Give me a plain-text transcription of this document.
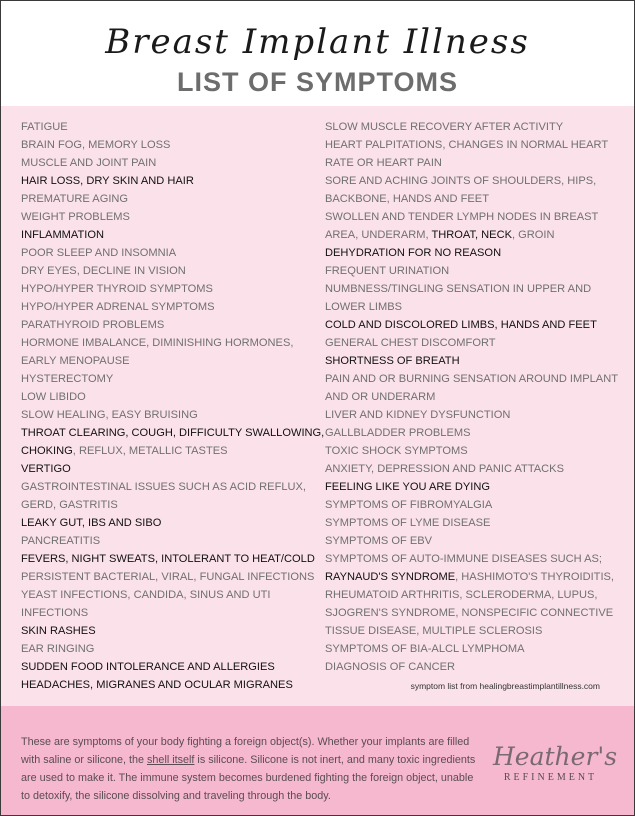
Breast Implant Illness
LIST OF SYMPTOMS
FATIGUE
BRAIN FOG, MEMORY LOSS
MUSCLE AND JOINT PAIN
HAIR LOSS, DRY SKIN AND HAIR
PREMATURE AGING
WEIGHT PROBLEMS
INFLAMMATION
POOR SLEEP AND INSOMNIA
DRY EYES, DECLINE IN VISION
HYPO/HYPER THYROID SYMPTOMS
HYPO/HYPER ADRENAL SYMPTOMS
PARATHYROID PROBLEMS
HORMONE IMBALANCE, DIMINISHING HORMONES,
EARLY MENOPAUSE
HYSTERECTOMY
LOW LIBIDO
SLOW HEALING, EASY BRUISING
THROAT CLEARING, COUGH, DIFFICULTY SWALLOWING,
CHOKING, REFLUX, METALLIC TASTES
VERTIGO
GASTROINTESTINAL ISSUES SUCH AS ACID REFLUX,
GERD, GASTRITIS
LEAKY GUT, IBS AND SIBO
PANCREATITIS
FEVERS, NIGHT SWEATS, INTOLERANT TO HEAT/COLD
PERSISTENT BACTERIAL, VIRAL, FUNGAL INFECTIONS
YEAST INFECTIONS, CANDIDA, SINUS AND UTI
INFECTIONS
SKIN RASHES
EAR RINGING
SUDDEN FOOD INTOLERANCE AND ALLERGIES
HEADACHES, MIGRANES AND OCULAR MIGRANES
SLOW MUSCLE RECOVERY AFTER ACTIVITY
HEART PALPITATIONS, CHANGES IN NORMAL HEART
RATE OR HEART PAIN
SORE AND ACHING JOINTS OF SHOULDERS, HIPS,
BACKBONE, HANDS AND FEET
SWOLLEN AND TENDER LYMPH NODES IN BREAST
AREA, UNDERARM, THROAT, NECK, GROIN
DEHYDRATION FOR NO REASON
FREQUENT URINATION
NUMBNESS/TINGLING SENSATION IN UPPER AND
LOWER LIMBS
COLD AND DISCOLORED LIMBS, HANDS AND FEET
GENERAL CHEST DISCOMFORT
SHORTNESS OF BREATH
PAIN AND OR BURNING SENSATION AROUND IMPLANT
AND OR UNDERARM
LIVER AND KIDNEY DYSFUNCTION
GALLBLADDER PROBLEMS
TOXIC SHOCK SYMPTOMS
ANXIETY, DEPRESSION AND PANIC ATTACKS
FEELING LIKE YOU ARE DYING
SYMPTOMS OF FIBROMYALGIA
SYMPTOMS OF LYME DISEASE
SYMPTOMS OF EBV
SYMPTOMS OF AUTO-IMMUNE DISEASES SUCH AS;
RAYNAUD'S SYNDROME, HASHIMOTO'S THYROIDITIS,
RHEUMATOID ARTHRITIS, SCLERODERMA, LUPUS,
SJOGREN'S SYNDROME, NONSPECIFIC CONNECTIVE
TISSUE DISEASE, MULTIPLE SCLEROSIS
SYMPTOMS OF BIA-ALCL LYMPHOMA
DIAGNOSIS OF CANCER
symptom list from healingbreastimplantillness.com

These are symptoms of your body fighting a foreign object(s). Whether your implants are filled with saline or silicone, the shell itself is silicone. Silicone is not inert, and many toxic ingredients are used to make it. The immune system becomes burdened fighting the foreign object, unable to detoxify, the silicone dissolving and traveling through the body.

Heather's
REFINEMENT
